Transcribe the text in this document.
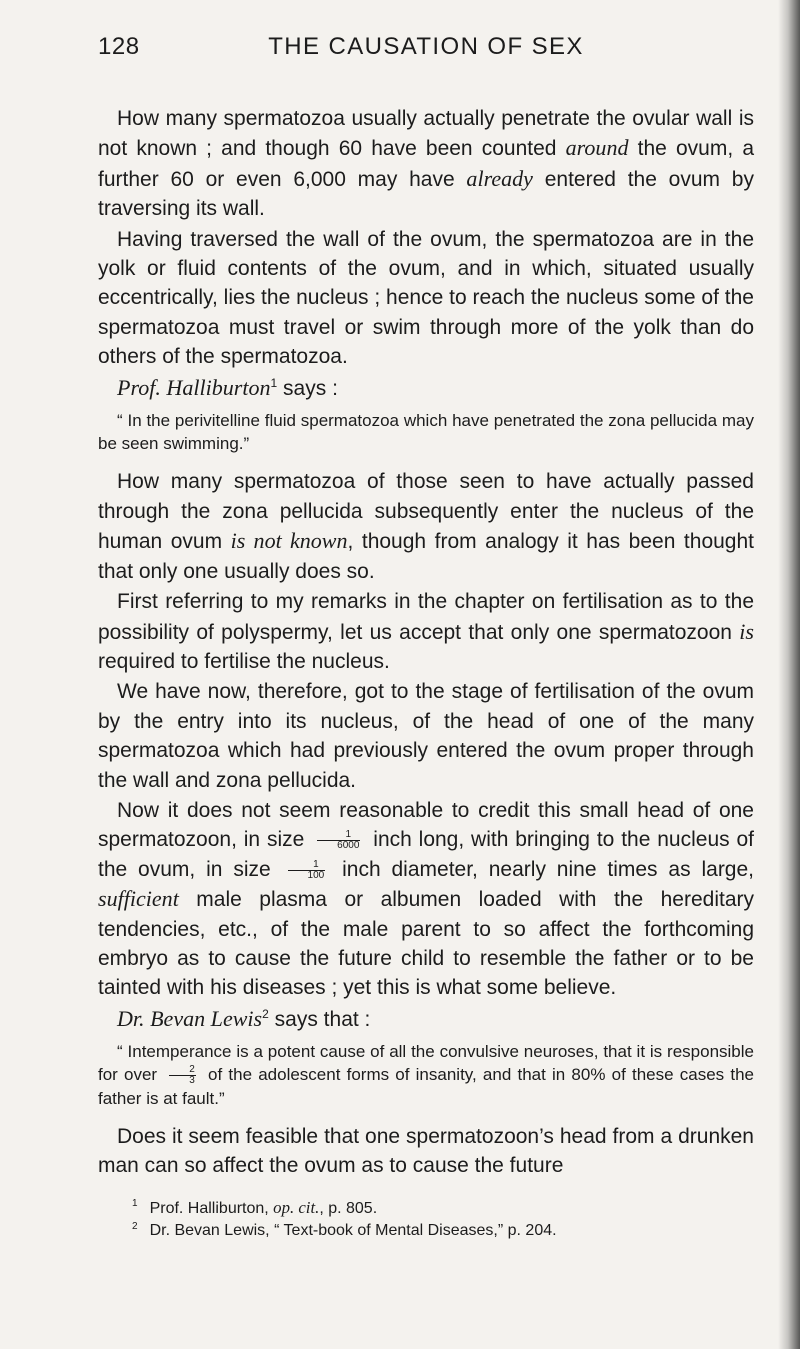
128	THE CAUSATION OF SEX

How many spermatozoa usually actually penetrate the ovular wall is not known ; and though 60 have been counted around the ovum, a further 60 or even 6,000 may have already entered the ovum by traversing its wall.

Having traversed the wall of the ovum, the spermatozoa are in the yolk or fluid contents of the ovum, and in which, situated usually eccentrically, lies the nucleus ; hence to reach the nucleus some of the spermatozoa must travel or swim through more of the yolk than do others of the spermatozoa.

Prof. Halliburton$^1$ says :

“ In the perivitelline fluid spermatozoa which have penetrated the zona pellucida may be seen swimming.”

How many spermatozoa of those seen to have actually passed through the zona pellucida subsequently enter the nucleus of the human ovum is not known, though from analogy it has been thought that only one usually does so.

First referring to my remarks in the chapter on fertilisation as to the possibility of polyspermy, let us accept that only one spermatozoon is required to fertilise the nucleus.

We have now, therefore, got to the stage of fertilisation of the ovum by the entry into its nucleus, of the head of one of the many spermatozoa which had previously entered the ovum proper through the wall and zona pellucida.

Now it does not seem reasonable to credit this small head of one spermatozoon, in size $\frac{1}{6000}$ inch long, with bringing to the nucleus of the ovum, in size $\frac{1}{100}$ inch diameter, nearly nine times as large, sufficient male plasma or albumen loaded with the hereditary tendencies, etc., of the male parent to so affect the forthcoming embryo as to cause the future child to resemble the father or to be tainted with his diseases ; yet this is what some believe.

Dr. Bevan Lewis$^2$ says that :

“ Intemperance is a potent cause of all the convulsive neuroses, that it is responsible for over $\frac{2}{3}$ of the adolescent forms of insanity, and that in 80% of these cases the father is at fault.”

Does it seem feasible that one spermatozoon’s head from a drunken man can so affect the ovum as to cause the future

$^1$ Prof. Halliburton, op. cit., p. 805.

$^2$ Dr. Bevan Lewis, “ Text-book of Mental Diseases,” p. 204.
